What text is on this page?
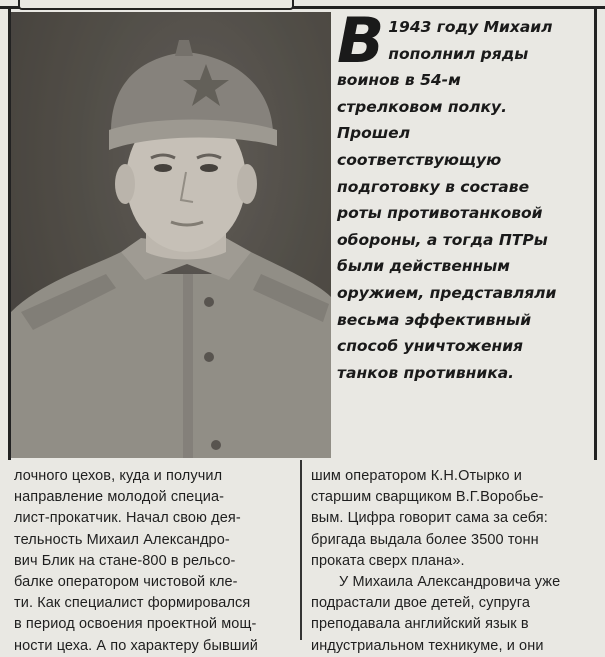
В 1943 году Михаил
пополнил ряды
воинов в 54-м
стрелковом полку.
Прошел
соответствующую
подготовку в составе
роты противотанковой
обороны, а тогда ПТРы
были действенным
оружием, представляли
весьма эффективный
способ уничтожения
танков противника.

лочного цехов, куда и получил
направление молодой специа-
лист-прокатчик. Начал свою дея-
тельность Михаил Александро-
вич Блик на стане-800 в рельсо-
балке оператором чистовой клe-
ти. Как специалист формировался
в период освоения проектной мощ-
ности цеха. А по характеру бывший
шим оператором К.Н.Отырко и
старшим сварщиком В.Г.Воробье-
вым. Цифра говорит сама за себя:
бригада выдала более 3500 тонн
проката сверх плана».
У Михаила Александровича уже
подрастали двое детей, супруга
преподавала английский язык в
индустриальном техникуме, и они
